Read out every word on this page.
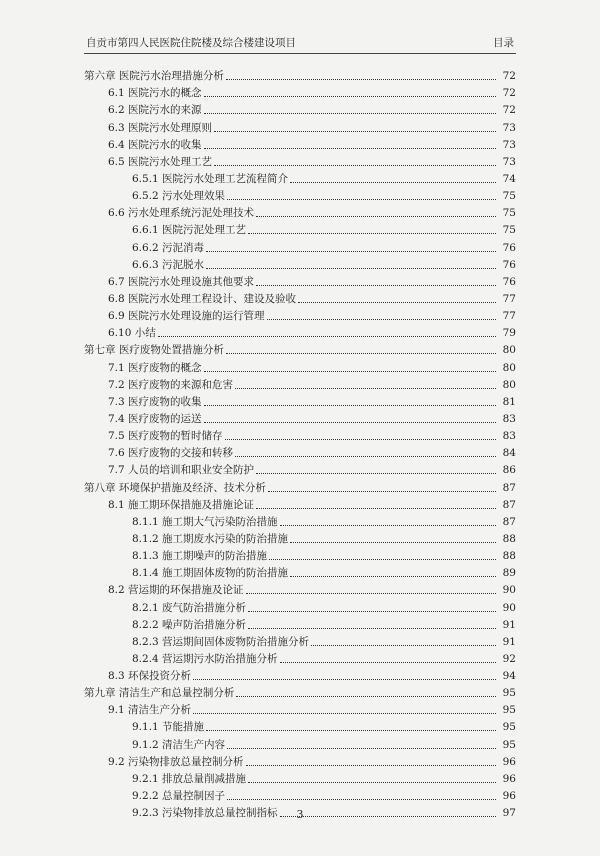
自贡市第四人民医院住院楼及综合楼建设项目	目录
第六章 医院污水治理措施分析	72
6.1 医院污水的概念	72
6.2 医院污水的来源	72
6.3 医院污水处理原则	73
6.4 医院污水的收集	73
6.5 医院污水处理工艺	73
6.5.1 医院污水处理工艺流程简介	74
6.5.2 污水处理效果	75
6.6 污水处理系统污泥处理技术	75
6.6.1 医院污泥处理工艺	75
6.6.2 污泥消毒	76
6.6.3 污泥脱水	76
6.7 医院污水处理设施其他要求	76
6.8 医院污水处理工程设计、建设及验收	77
6.9 医院污水处理设施的运行管理	77
6.10 小结	79
第七章 医疗废物处置措施分析	80
7.1 医疗废物的概念	80
7.2 医疗废物的来源和危害	80
7.3 医疗废物的收集	81
7.4 医疗废物的运送	83
7.5 医疗废物的暂时储存	83
7.6 医疗废物的交接和转移	84
7.7 人员的培训和职业安全防护	86
第八章 环境保护措施及经济、技术分析	87
8.1 施工期环保措施及措施论证	87
8.1.1 施工期大气污染防治措施	87
8.1.2 施工期废水污染的防治措施	88
8.1.3 施工期噪声的防治措施	88
8.1.4 施工期固体废物的防治措施	89
8.2 营运期的环保措施及论证	90
8.2.1 废气防治措施分析	90
8.2.2 噪声防治措施分析	91
8.2.3 营运期间固体废物防治措施分析	91
8.2.4 营运期污水防治措施分析	92
8.3 环保投资分析	94
第九章 清洁生产和总量控制分析	95
9.1 清洁生产分析	95
9.1.1 节能措施	95
9.1.2 清洁生产内容	95
9.2 污染物排放总量控制分析	96
9.2.1 排放总量削减措施	96
9.2.2 总量控制因子	96
9.2.3 污染物排放总量控制指标	97
3
